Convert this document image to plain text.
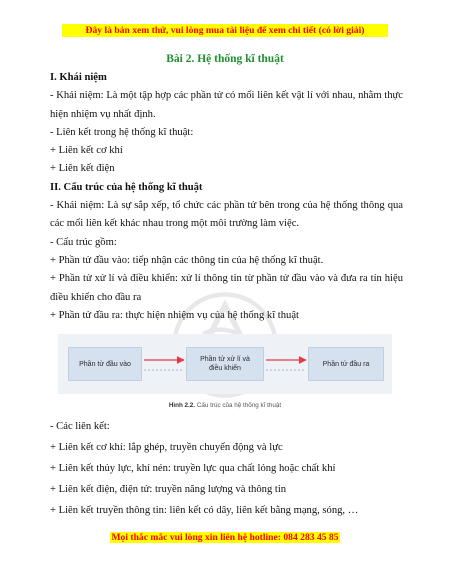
Đây là bản xem thử, vui lòng mua tài liệu để xem chi tiết (có lời giải)
Bài 2. Hệ thống kĩ thuật
I. Khái niệm
- Khái niệm: Là một tập hợp các phần tử có mối liên kết vật lí với nhau, nhằm thực hiện nhiệm vụ nhất định.
- Liên kết trong hệ thống kĩ thuật:
+ Liên kết cơ khí
+ Liên kết điện
II. Cấu trúc của hệ thống kĩ thuật
- Khái niệm: Là sự sắp xếp, tổ chức các phần tử bên trong của hệ thống thông qua các mối liên kết khác nhau trong một môi trường làm việc.
- Cấu trúc gồm:
+ Phần tử đầu vào: tiếp nhận các thông tin của hệ thống kĩ thuật.
+ Phần tử xử lí và điều khiển: xử lí thông tin từ phần tử đầu vào và đưa ra tín hiệu điều khiển cho đầu ra
+ Phần tử đầu ra: thực hiện nhiệm vụ của hệ thống kĩ thuật
Phần tử đầu vào
Phần tử xử lí và điều khiển
Phần tử đầu ra
Hình 2.2. Cấu trúc của hệ thống kĩ thuật
- Các liên kết:
+ Liên kết cơ khí: lắp ghép, truyền chuyển động và lực
+ Liên kết thủy lực, khí nén: truyền lực qua chất lỏng hoặc chất khí
+ Liên kết điện, điện tử: truyền năng lượng và thông tin
+ Liên kết truyền thông tin: liên kết có dây, liên kết bằng mạng, sóng, …
Mọi thắc mắc vui lòng xin liên hệ hotline: 084 283 45 85
